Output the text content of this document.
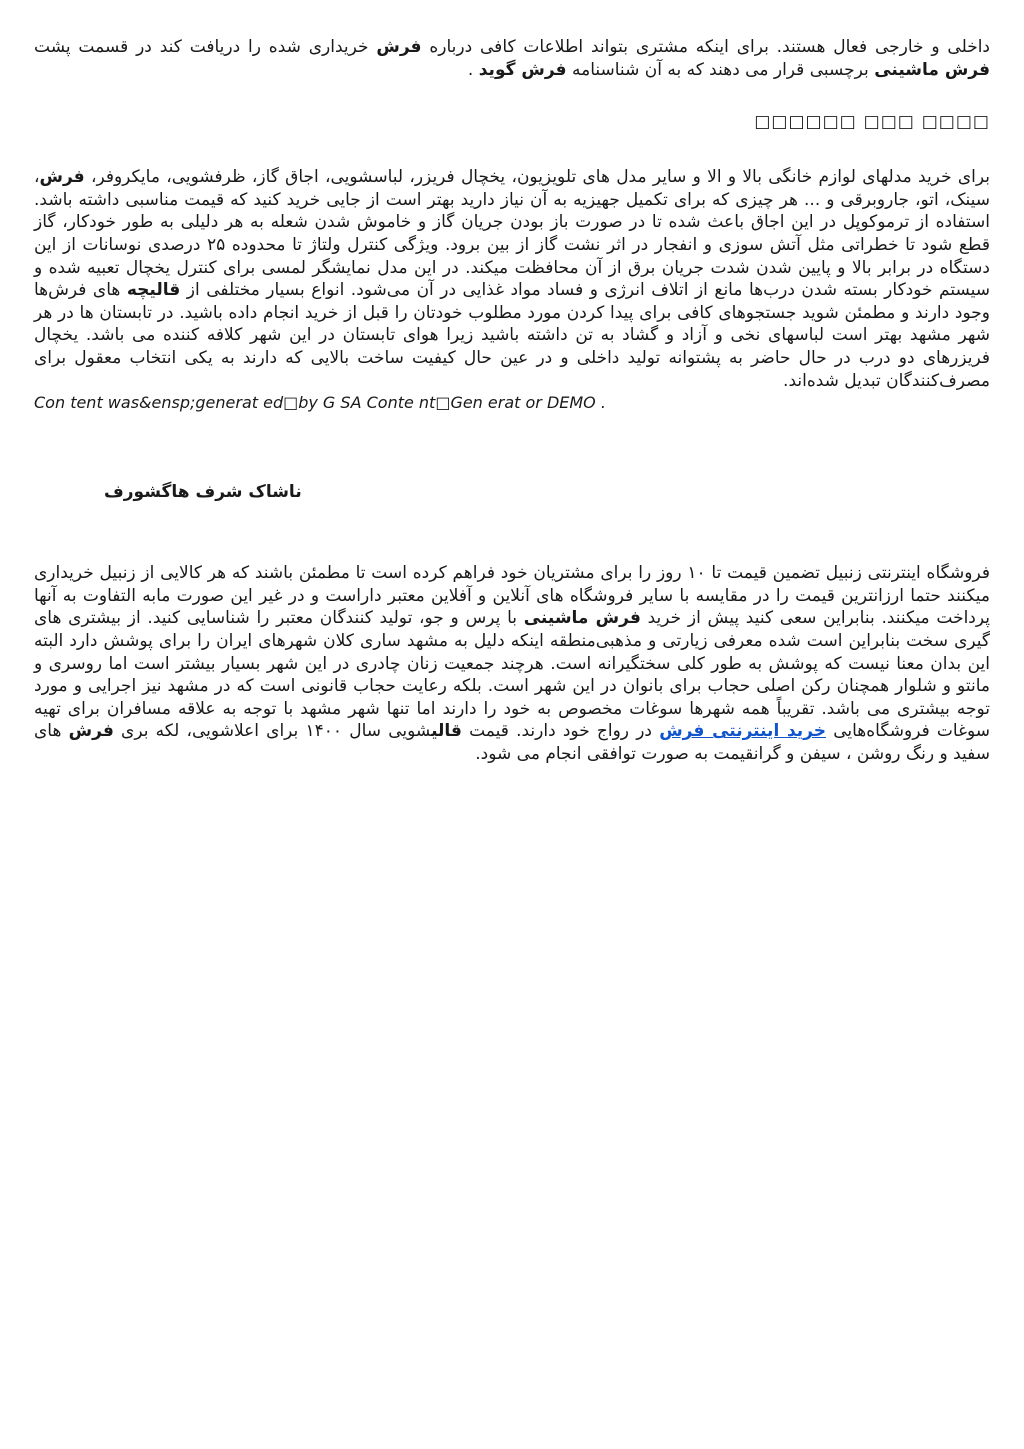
داخلی و خارجی فعال هستند. برای اینکه مشتری بتواند اطلاعات کافی درباره فرش خریداری شده را دریافت کند در قسمت پشت فرش ماشینی برچسبی قرار می دهند که به آن شناسنامه فرش گوید .

□□□□ □□□ □□□□□□

برای خرید مدلهای لوازم خانگی بالا و الا و سایر مدل های تلویزیون، یخچال فریزر، لباسشویی، اجاق گاز، ظرفشویی، مایکروفر، فرش، سینک، اتو، جاروبرقی و ... هر چیزی که برای تکمیل جهیزیه به آن نیاز دارید بهتر است از جایی خرید کنید که قیمت مناسبی داشته باشد. استفاده از ترموکوپل در این اجاق باعث شده تا در صورت باز بودن جریان گاز و خاموش شدن شعله به هر دلیلی به طور خودکار، گاز قطع شود تا خطراتی مثل آتش سوزی و انفجار در اثر نشت گاز از بین برود. ویژگی کنترل ولتاژ تا محدوده ۲۵ درصدی نوسانات از این دستگاه در برابر بالا و پایین شدن شدت جریان برق از آن محافظت میکند. در این مدل نمایشگر لمسی برای کنترل یخچال تعبیه شده و سیستم خودکار بسته شدن درب‌ها مانع از اتلاف انرژی و فساد مواد غذایی در آن می‌شود. انواع بسیار مختلفی از قالیچه های فرش‌ها وجود دارند و مطمئن شوید جستجوهای کافی برای پیدا کردن مورد مطلوب خودتان را قبل از خرید انجام داده باشید. در تابستان ها در هر شهر مشهد بهتر است لباسهای نخی و آزاد و گشاد به تن داشته باشید زیرا هوای تابستان در این شهر کلافه کننده می باشد. یخچال فریزرهای دو درب در حال حاضر به پشتوانه تولید داخلی و در عین حال کیفیت ساخت بالایی که دارند به یکی انتخاب معقول برای مصرف‌کنندگان تبدیل شده‌اند.

Con tent was&ensp;generat ed□by G SA Conte nt□Gen erat or DEMO .

ناشاک شرف هاگشورف

فروشگاه اینترنتی زنبیل تضمین قیمت تا ۱۰ روز را برای مشتریان خود فراهم کرده است تا مطمئن باشند که هر کالایی از زنبیل خریداری میکنند حتما ارزانترین قیمت را در مقایسه با سایر فروشگاه های آنلاین و آفلاین معتبر داراست و در غیر این صورت مابه التفاوت به آنها پرداخت میکنند. بنابراین سعی کنید پیش از خرید فرش ماشینی با پرس و جو، تولید کنندگان معتبر را شناسایی کنید. از بیشتری های گیری سخت بنابراین است شده معرفی زیارتی و مذهبی‌منطقه اینکه دلیل به مشهد ساری کلان شهرهای ایران را برای پوشش دارد البته این بدان معنا نیست که پوشش به طور کلی سختگیرانه است. هرچند جمعیت زنان چادری در این شهر بسیار بیشتر است اما روسری و مانتو و شلوار همچنان رکن اصلی حجاب برای بانوان در این شهر است. بلکه رعایت حجاب قانونی است که در مشهد نیز اجرایی و مورد توجه بیشتری می باشد. تقریباً همه شهرها سوغات مخصوص به خود را دارند اما تنها شهر مشهد با توجه به علاقه مسافران برای تهیه سوغات فروشگاه‌هایی خرید اینترنتی فرش در رواج خود دارند. قیمت قالیشویی سال ۱۴۰۰ برای اعلاشویی، لکه بری فرش های سفید و رنگ روشن ، سیفن و گرانقیمت به صورت توافقی انجام می شود.
